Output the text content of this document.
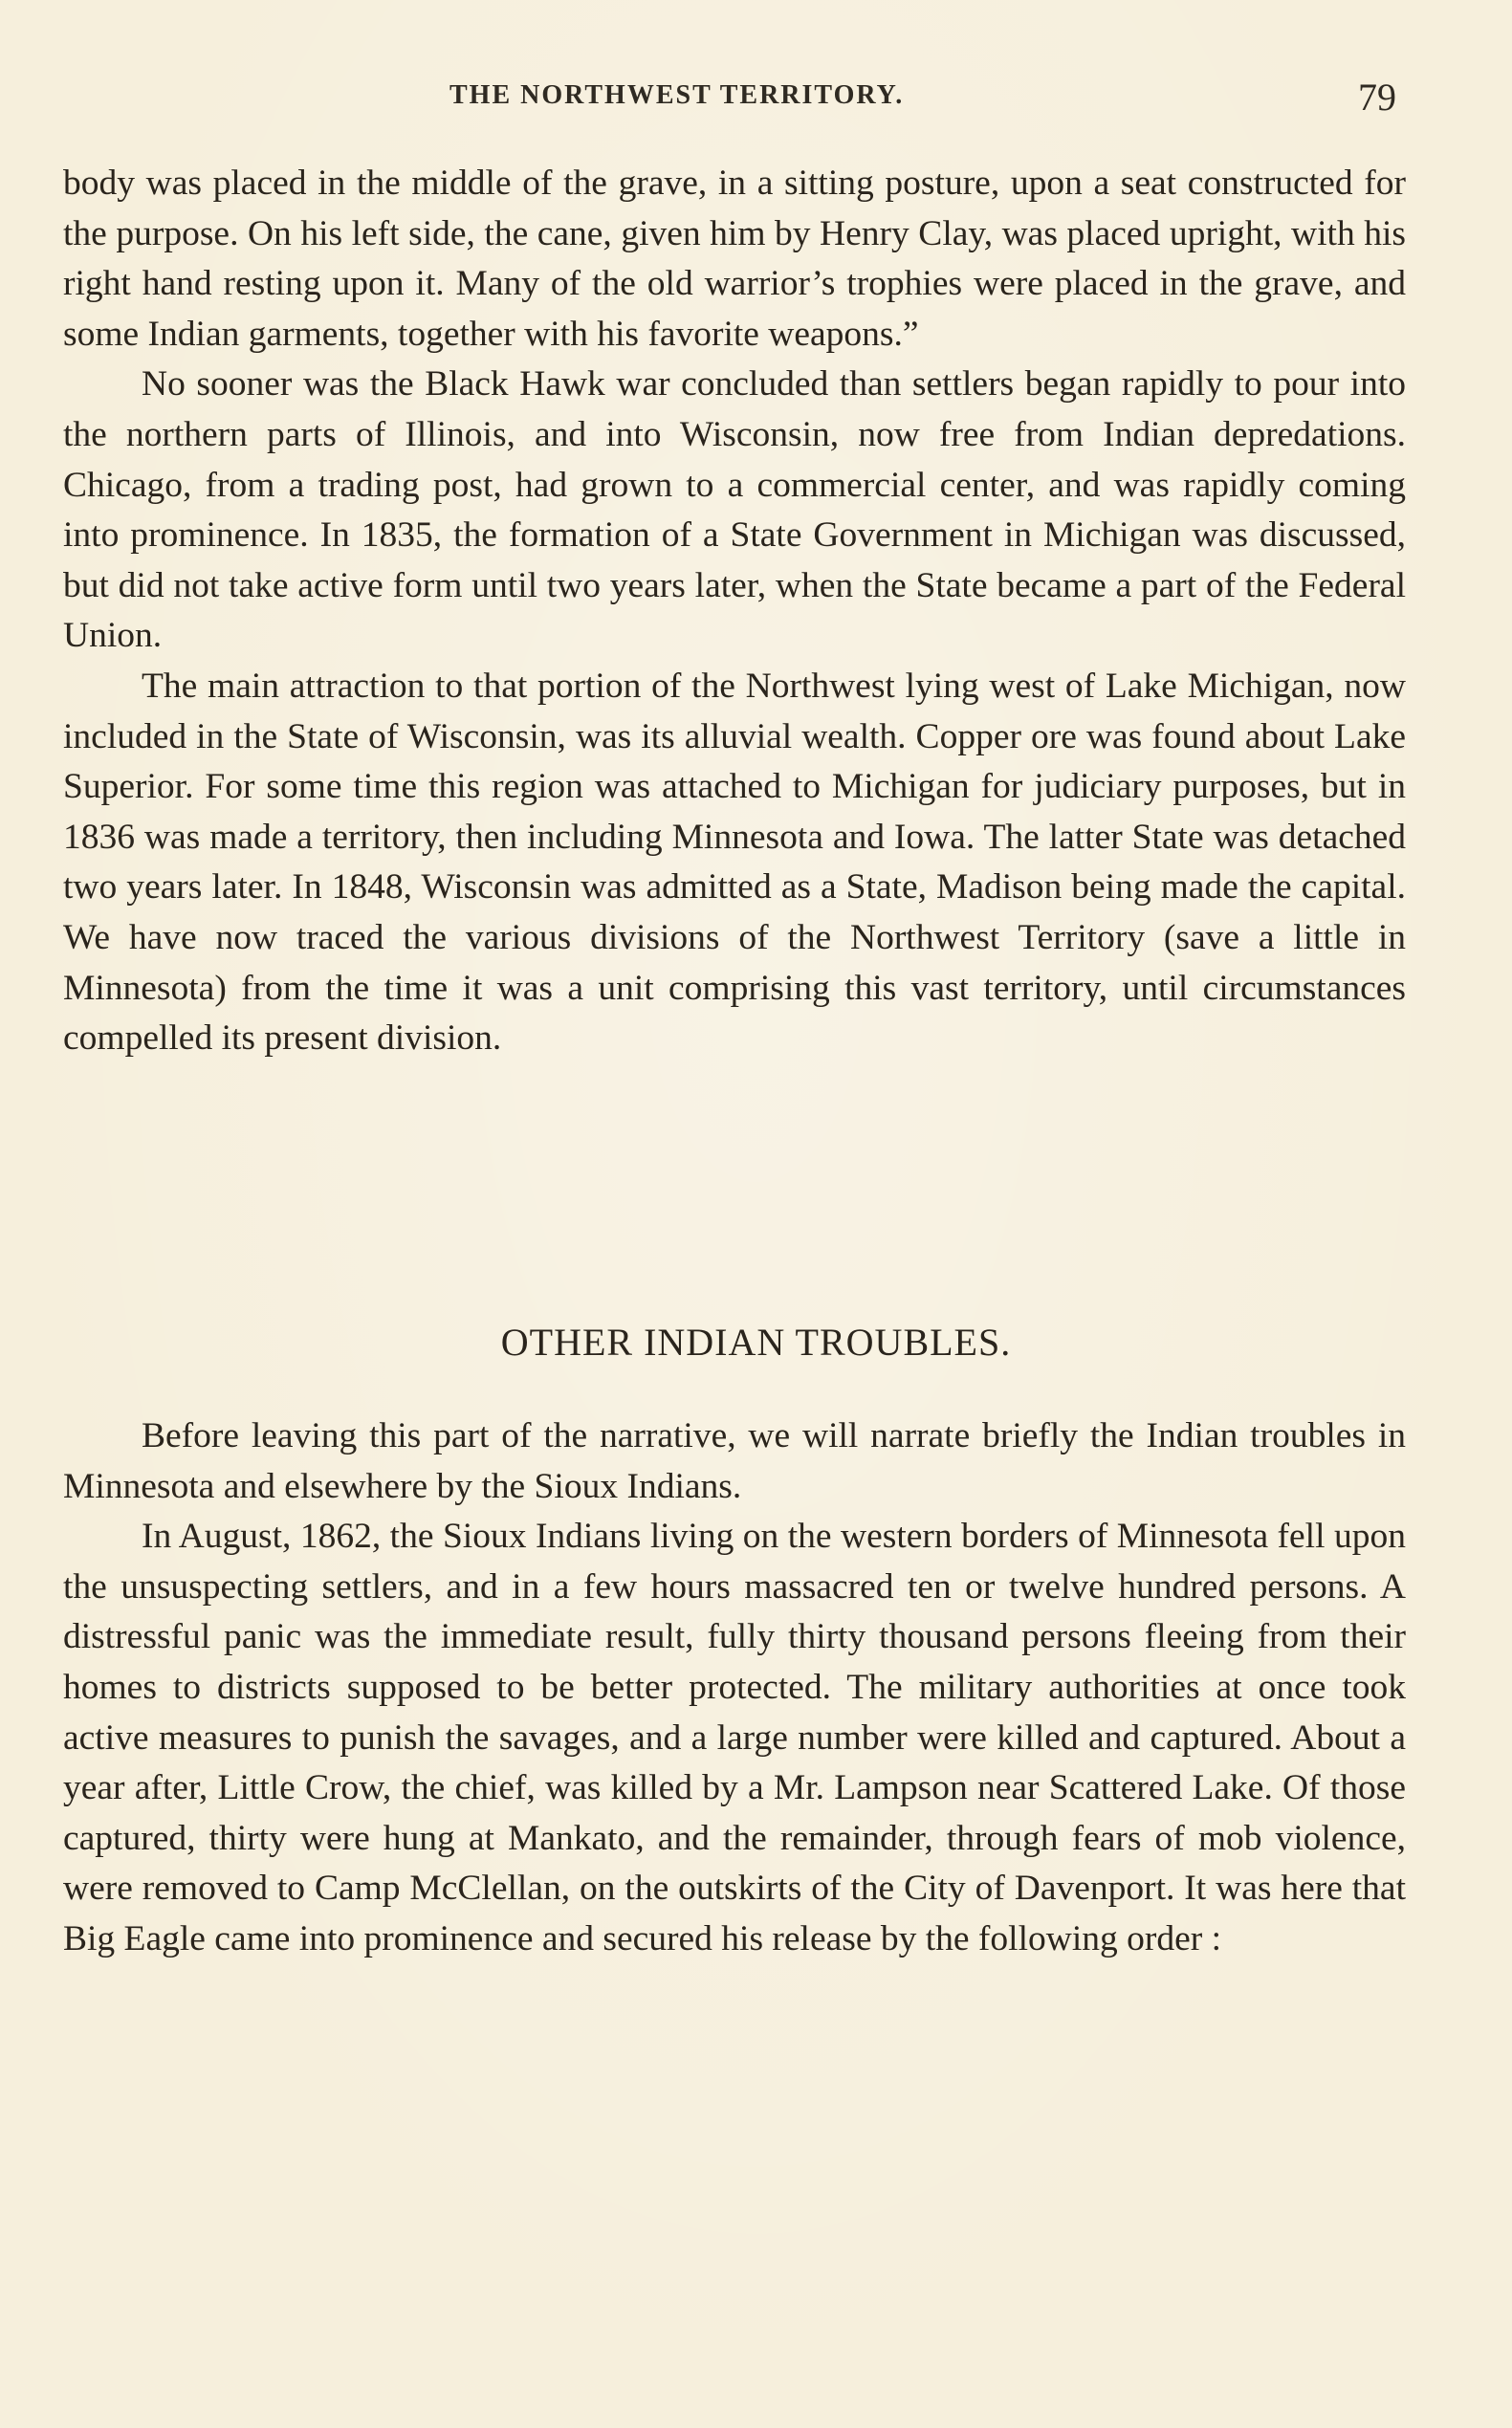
THE NORTHWEST TERRITORY.	79

body was placed in the middle of the grave, in a sitting posture, upon a seat constructed for the purpose. On his left side, the cane, given him by Henry Clay, was placed upright, with his right hand resting upon it. Many of the old warrior’s trophies were placed in the grave, and some Indian garments, together with his favorite weapons.”

No sooner was the Black Hawk war concluded than settlers began rapidly to pour into the northern parts of Illinois, and into Wisconsin, now free from Indian depredations. Chicago, from a trading post, had grown to a commercial center, and was rapidly coming into prominence. In 1835, the formation of a State Government in Michigan was discussed, but did not take active form until two years later, when the State became a part of the Federal Union.

The main attraction to that portion of the Northwest lying west of Lake Michigan, now included in the State of Wisconsin, was its alluvial wealth. Copper ore was found about Lake Superior. For some time this region was attached to Michigan for judiciary purposes, but in 1836 was made a territory, then including Minnesota and Iowa. The latter State was detached two years later. In 1848, Wisconsin was admitted as a State, Madison being made the capital. We have now traced the various divisions of the Northwest Territory (save a little in Minnesota) from the time it was a unit comprising this vast territory, until circumstances compelled its present division.

OTHER INDIAN TROUBLES.

Before leaving this part of the narrative, we will narrate briefly the Indian troubles in Minnesota and elsewhere by the Sioux Indians.

In August, 1862, the Sioux Indians living on the western borders of Minnesota fell upon the unsuspecting settlers, and in a few hours massacred ten or twelve hundred persons. A distressful panic was the immediate result, fully thirty thousand persons fleeing from their homes to districts supposed to be better protected. The military authorities at once took active measures to punish the savages, and a large number were killed and captured. About a year after, Little Crow, the chief, was killed by a Mr. Lampson near Scattered Lake. Of those captured, thirty were hung at Mankato, and the remainder, through fears of mob violence, were removed to Camp McClellan, on the outskirts of the City of Davenport. It was here that Big Eagle came into prominence and secured his release by the following order :
